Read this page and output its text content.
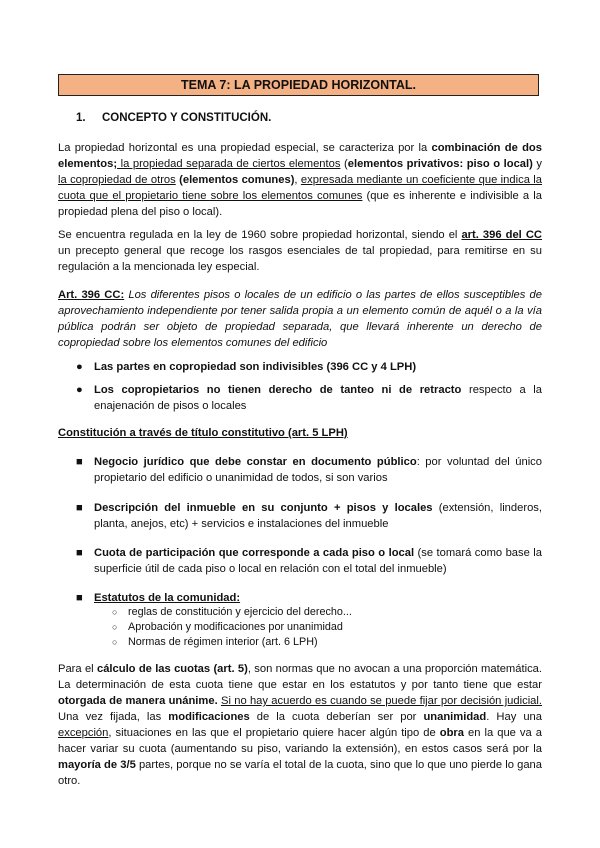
TEMA 7: LA PROPIEDAD HORIZONTAL.
1. CONCEPTO Y CONSTITUCIÓN.
La propiedad horizontal es una propiedad especial, se caracteriza por la combinación de dos elementos; la propiedad separada de ciertos elementos (elementos privativos: piso o local) y la copropiedad de otros (elementos comunes), expresada mediante un coeficiente que indica la cuota que el propietario tiene sobre los elementos comunes (que es inherente e indivisible a la propiedad plena del piso o local).
Se encuentra regulada en la ley de 1960 sobre propiedad horizontal, siendo el art. 396 del CC un precepto general que recoge los rasgos esenciales de tal propiedad, para remitirse en su regulación a la mencionada ley especial.
Art. 396 CC: Los diferentes pisos o locales de un edificio o las partes de ellos susceptibles de aprovechamiento independiente por tener salida propia a un elemento común de aquél o a la vía pública podrán ser objeto de propiedad separada, que llevará inherente un derecho de copropiedad sobre los elementos comunes del edificio
●	Las partes en copropiedad son indivisibles (396 CC y 4 LPH)
●	Los copropietarios no tienen derecho de tanteo ni de retracto respecto a la enajenación de pisos o locales
Constitución a través de título constitutivo (art. 5 LPH)
■	Negocio jurídico que debe constar en documento público: por voluntad del único propietario del edificio o unanimidad de todos, si son varios
■	Descripción del inmueble en su conjunto + pisos y locales (extensión, linderos, planta, anejos, etc) + servicios e instalaciones del inmueble
■	Cuota de participación que corresponde a cada piso o local (se tomará como base la superficie útil de cada piso o local en relación con el total del inmueble)
■	Estatutos de la comunidad:
○ reglas de constitución y ejercicio del derecho...
○ Aprobación y modificaciones por unanimidad
○ Normas de régimen interior (art. 6 LPH)
Para el cálculo de las cuotas (art. 5), son normas que no avocan a una proporción matemática. La determinación de esta cuota tiene que estar en los estatutos y por tanto tiene que estar otorgada de manera unánime. Si no hay acuerdo es cuando se puede fijar por decisión judicial. Una vez fijada, las modificaciones de la cuota deberían ser por unanimidad. Hay una excepción, situaciones en las que el propietario quiere hacer algún tipo de obra en la que va a hacer variar su cuota (aumentando su piso, variando la extensión), en estos casos será por la mayoría de 3/5 partes, porque no se varía el total de la cuota, sino que lo que uno pierde lo gana otro.
